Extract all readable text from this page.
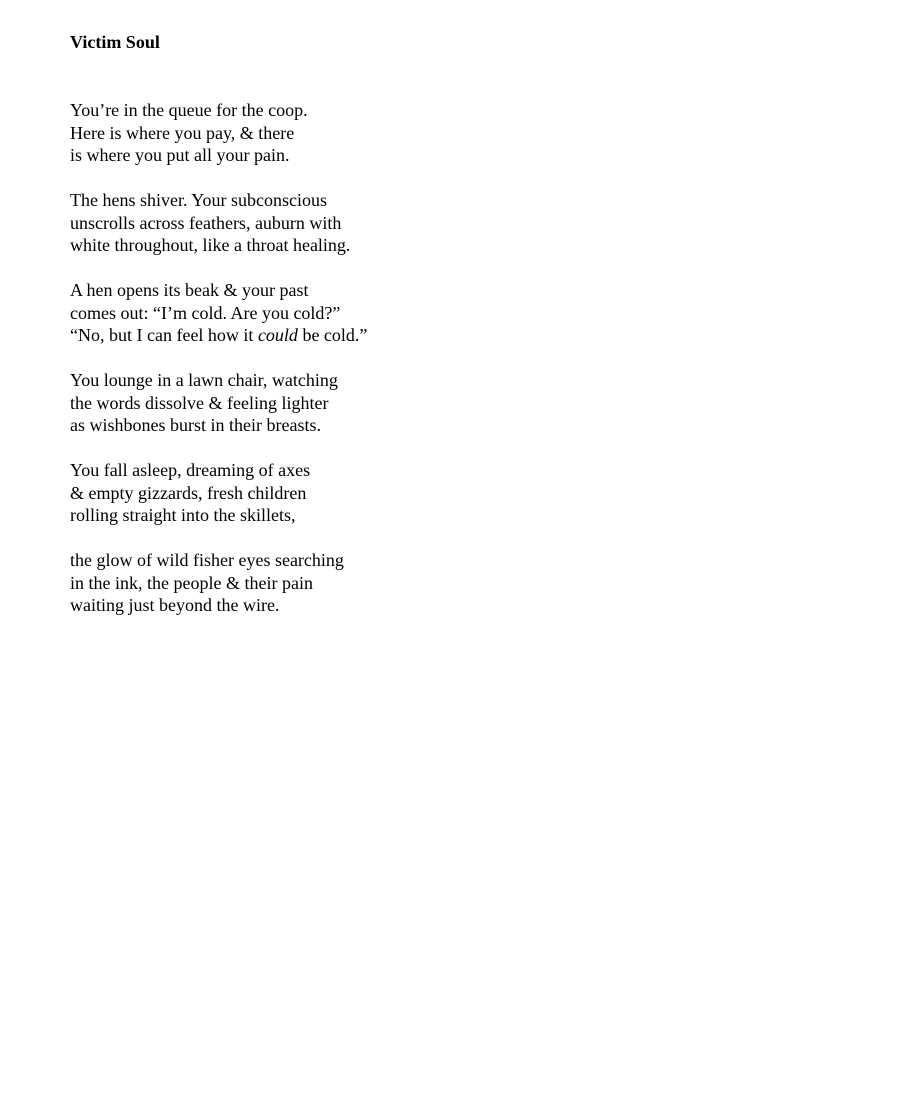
Victim Soul
You’re in the queue for the coop.
Here is where you pay, & there
is where you put all your pain.
The hens shiver. Your subconscious
unscrolls across feathers, auburn with
white throughout, like a throat healing.
A hen opens its beak & your past
comes out: “I’m cold. Are you cold?”
“No, but I can feel how it could be cold.”
You lounge in a lawn chair, watching
the words dissolve & feeling lighter
as wishbones burst in their breasts.
You fall asleep, dreaming of axes
& empty gizzards, fresh children
rolling straight into the skillets,
the glow of wild fisher eyes searching
in the ink, the people & their pain
waiting just beyond the wire.
